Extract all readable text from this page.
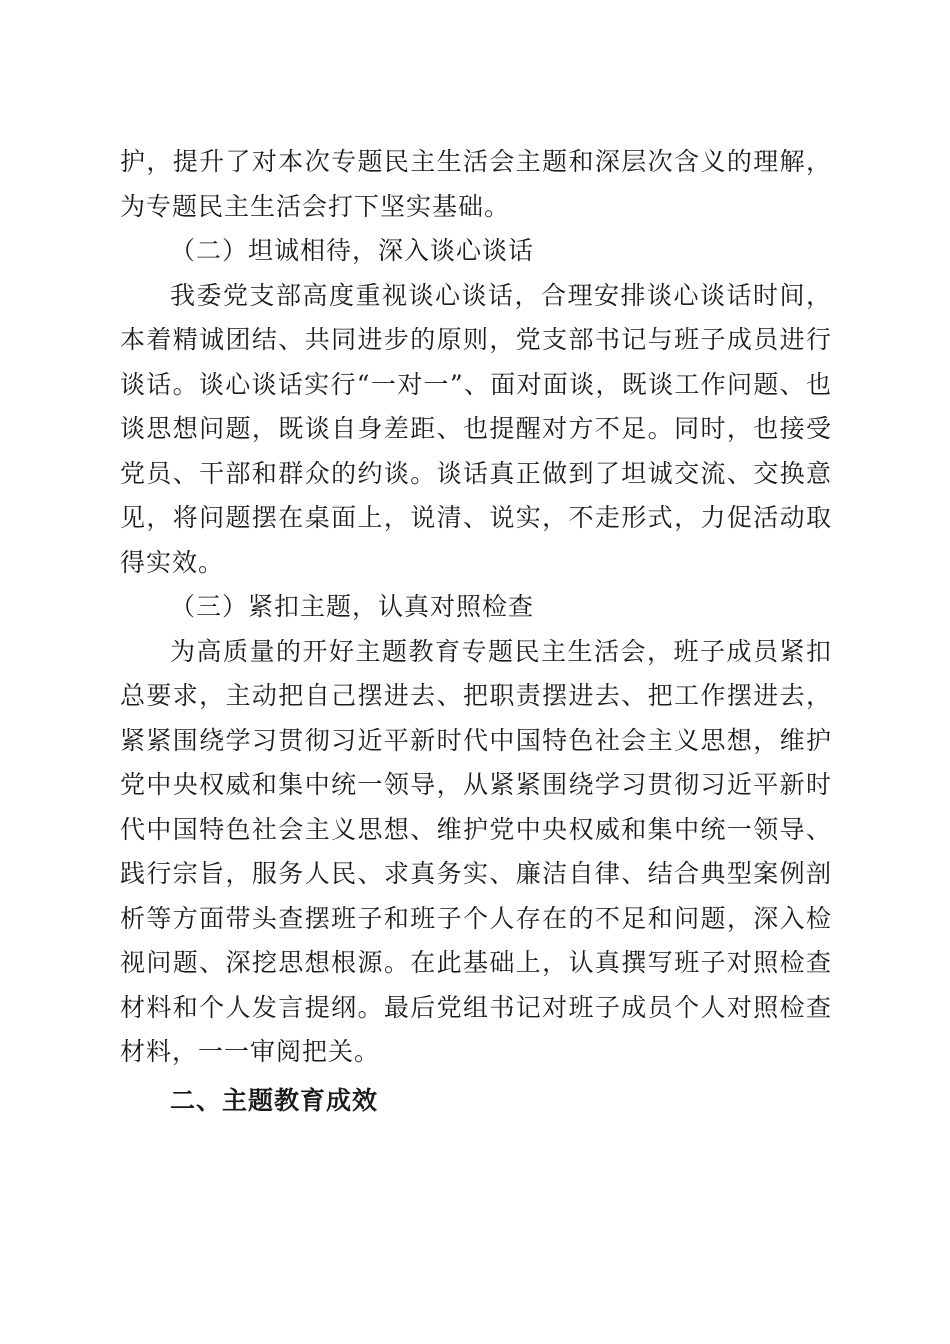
护，提升了对本次专题民主生活会主题和深层次含义的理解，为专题民主生活会打下坚实基础。

（二）坦诚相待，深入谈心谈话

我委党支部高度重视谈心谈话，合理安排谈心谈话时间，本着精诚团结、共同进步的原则，党支部书记与班子成员进行谈话。谈心谈话实行“一对一”、面对面谈，既谈工作问题、也谈思想问题，既谈自身差距、也提醒对方不足。同时，也接受党员、干部和群众的约谈。谈话真正做到了坦诚交流、交换意见，将问题摆在桌面上，说清、说实，不走形式，力促活动取得实效。

（三）紧扣主题，认真对照检查

为高质量的开好主题教育专题民主生活会，班子成员紧扣总要求，主动把自己摆进去、把职责摆进去、把工作摆进去，紧紧围绕学习贯彻习近平新时代中国特色社会主义思想，维护党中央权威和集中统一领导，从紧紧围绕学习贯彻习近平新时代中国特色社会主义思想、维护党中央权威和集中统一领导、践行宗旨，服务人民、求真务实、廉洁自律、结合典型案例剖析等方面带头查摆班子和班子个人存在的不足和问题，深入检视问题、深挖思想根源。在此基础上，认真撰写班子对照检查材料和个人发言提纲。最后党组书记对班子成员个人对照检查材料，一一审阅把关。

二、主题教育成效
